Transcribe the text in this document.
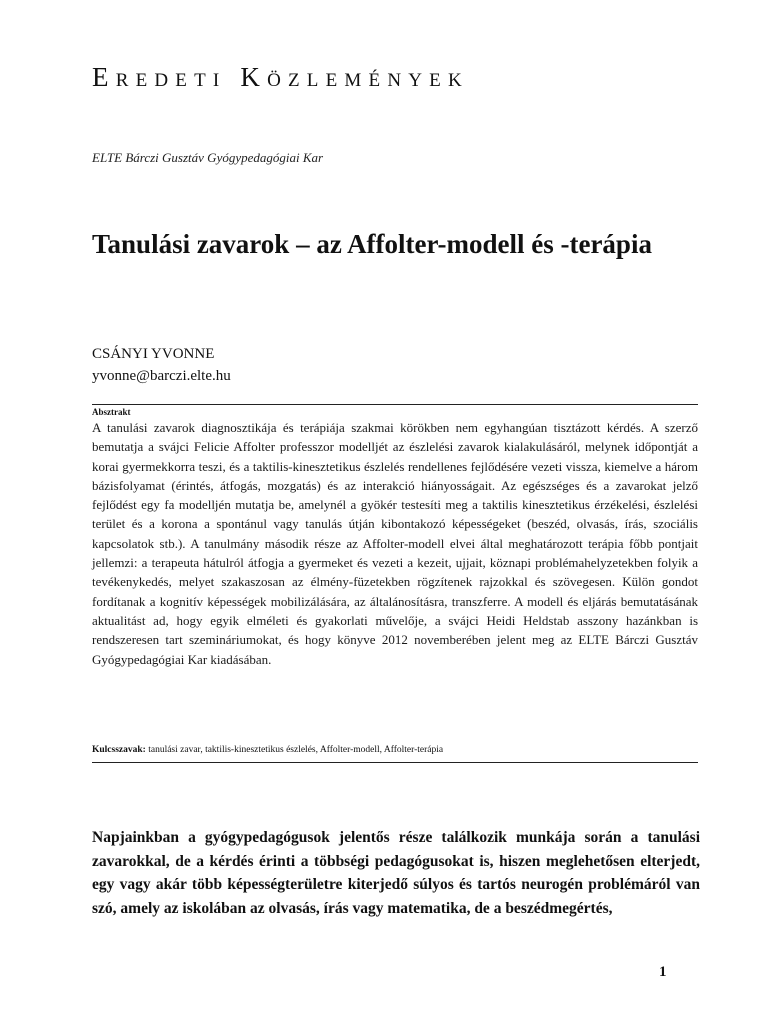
Eredeti Közlemények
ELTE Bárczi Gusztáv Gyógypedagógiai Kar
Tanulási zavarok – az Affolter-modell és -terápia
CSÁNYI YVONNE
yvonne@barczi.elte.hu
Absztrakt
A tanulási zavarok diagnosztikája és terápiája szakmai körökben nem egyhangúan tisztázott kérdés. A szerző bemutatja a svájci Felicie Affolter professzor modelljét az észlelési zavarok kialakulásáról, melynek időpontját a korai gyermekkorra teszi, és a taktilis-kinesztetikus észlelés rendellenes fejlődésére vezeti vissza, kiemelve a három bázisfolyamat (érintés, átfogás, mozgatás) és az interakció hiányosságait. Az egészséges és a zavarokat jelző fejlődést egy fa modelljén mutatja be, amelynél a gyökér testesíti meg a taktilis kinesztetikus érzékelési, észlelési terület és a korona a spontánul vagy tanulás útján kibontakozó képességeket (beszéd, olvasás, írás, szociális kapcsolatok stb.). A tanulmány második része az Affolter-modell elvei által meghatározott terápia főbb pontjait jellemzi: a terapeuta hátulról átfogja a gyermeket és vezeti a kezeit, ujjait, köznapi problémahelyzetekben folyik a tevékenykedés, melyet szakaszosan az élmény-füzetekben rögzítenek rajzokkal és szövegesen. Külön gondot fordítanak a kognitív képességek mobilizálására, az általánosításra, transzferre. A modell és eljárás bemutatásának aktualitást ad, hogy egyik elméleti és gyakorlati művelője, a svájci Heidi Heldstab asszony hazánkban is rendszeresen tart szemináriumokat, és hogy könyve 2012 novemberében jelent meg az ELTE Bárczi Gusztáv Gyógypedagógiai Kar kiadásában.
Kulcsszavak: tanulási zavar, taktilis-kinesztetikus észlelés, Affolter-modell, Affolter-terápia
Napjainkban a gyógypedagógusok jelentős része találkozik munkája során a tanulási zavarokkal, de a kérdés érinti a többségi pedagógusokat is, hiszen meglehetősen elterjedt, egy vagy akár több képességterületre kiterjedő súlyos és tartós neurogén problémáról van szó, amely az iskolában az olvasás, írás vagy matematika, de a beszédmegértés,
1
